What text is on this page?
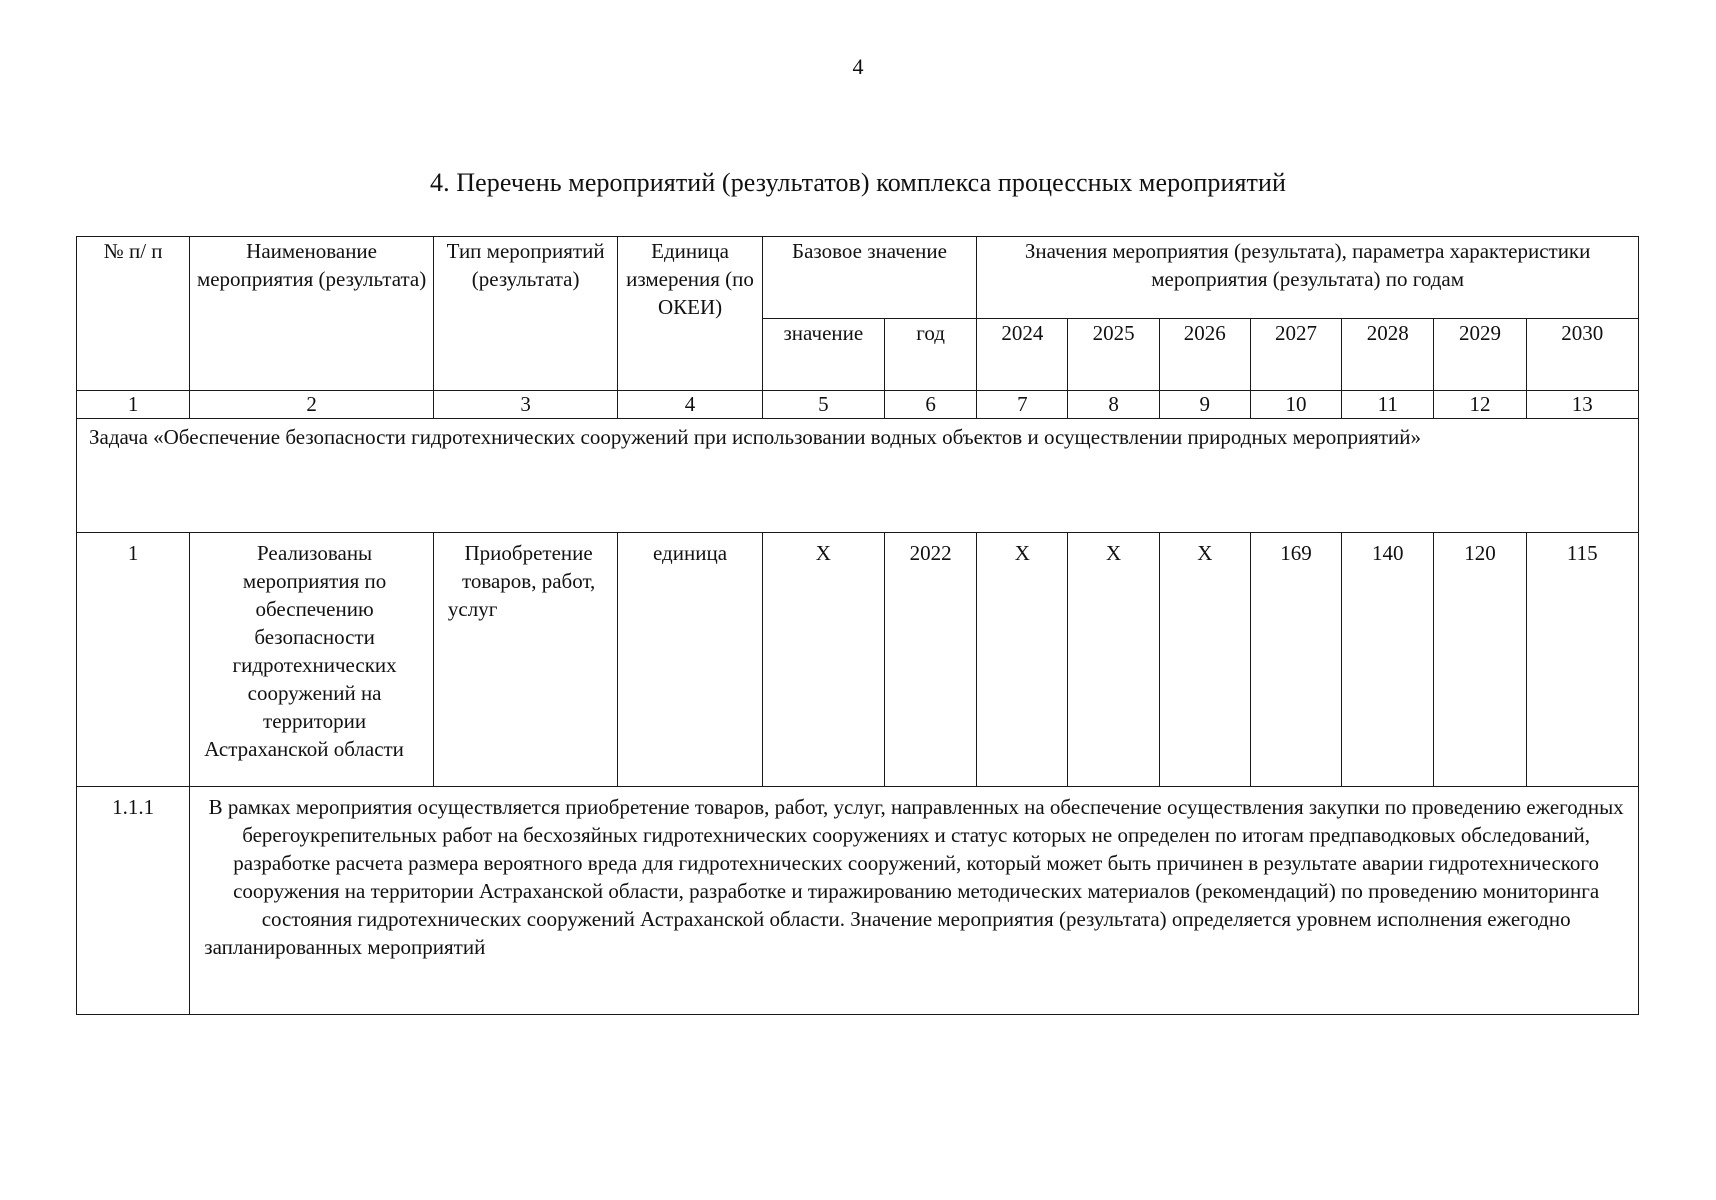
4
4. Перечень мероприятий (результатов) комплекса процессных мероприятий
№ п/ п	Наименование мероприятия (результата)	Тип мероприятий (результата)	Единица измерения (по ОКЕИ)	Базовое значение		Значения мероприятия (результата), параметра характеристики мероприятия (результата) по годам						
				значение	год	2024	2025	2026	2027	2028	2029	2030
1	2	3	4	5	6	7	8	9	10	11	12	13
Задача «Обеспечение безопасности гидротехнических сооружений при использовании водных объектов и осуществлении природных мероприятий»												
1	Реализованы мероприятия по обеспечению безопасности гидротехнических сооружений на территории Астраханской области	Приобретение товаров, работ, услуг	единица	X	2022	X	X	X	169	140	120	115
1.1.1	В рамках мероприятия осуществляется приобретение товаров, работ, услуг, направленных на обеспечение осуществления закупки по проведению ежегодных берегоукрепительных работ на бесхозяйных гидротехнических сооружениях и статус которых не определен по итогам предпаводковых обследований, разработке расчета размера вероятного вреда для гидротехнических сооружений, который может быть причинен в результате аварии гидротехнического сооружения на территории Астраханской области, разработке и тиражированию методических материалов (рекомендаций) по проведению мониторинга состояния гидротехнических сооружений Астраханской области. Значение мероприятия (результата) определяется уровнем исполнения ежегодно запланированных мероприятий											
